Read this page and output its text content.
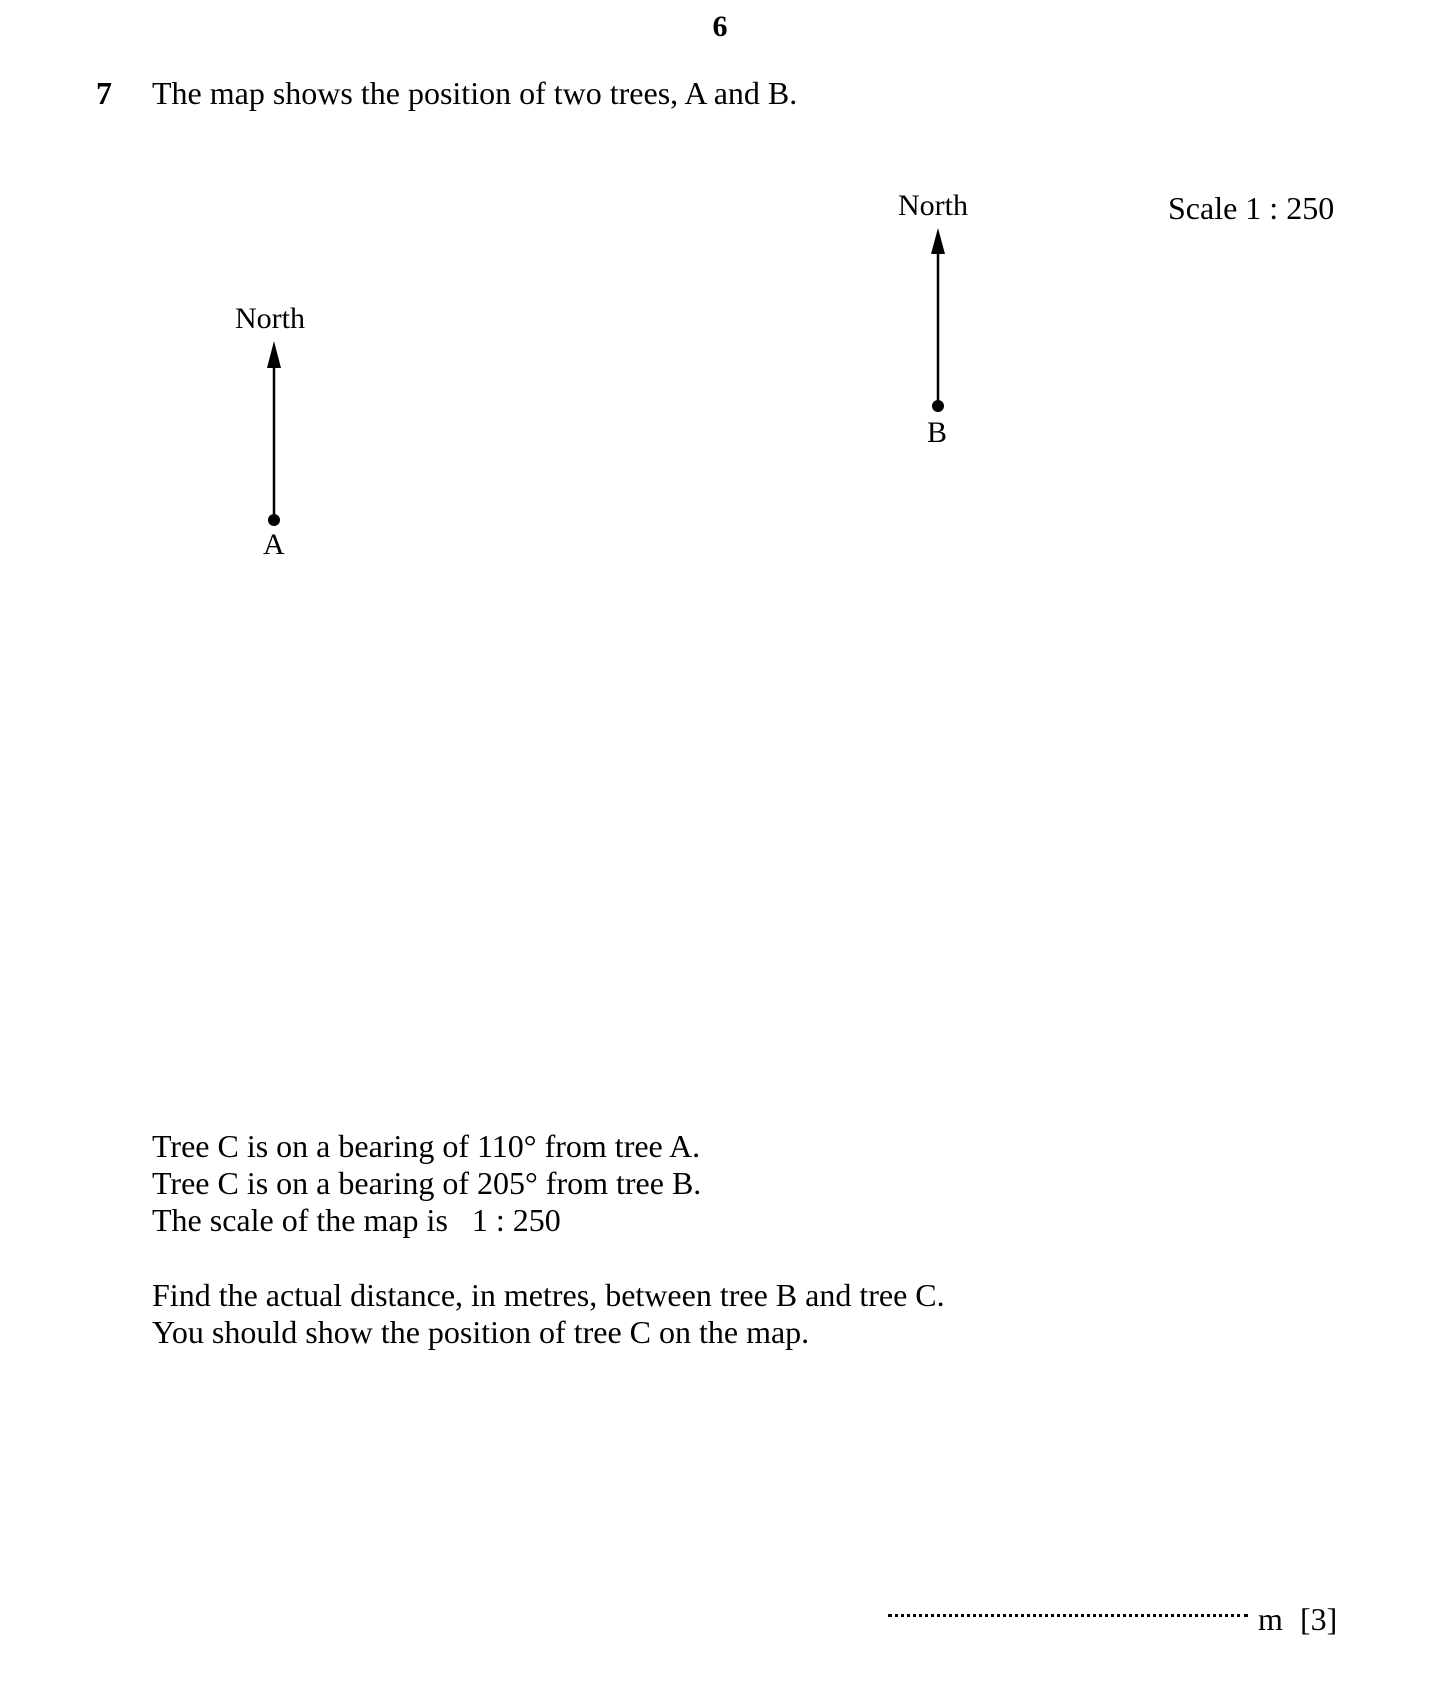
6
7 The map shows the position of two trees, A and B.
North
North
A
B
Scale 1 : 250
Tree C is on a bearing of 110° from tree A.
Tree C is on a bearing of 205° from tree B.
The scale of the map is 1 : 250
Find the actual distance, in metres, between tree B and tree C.
You should show the position of tree C on the map.
m [3]
